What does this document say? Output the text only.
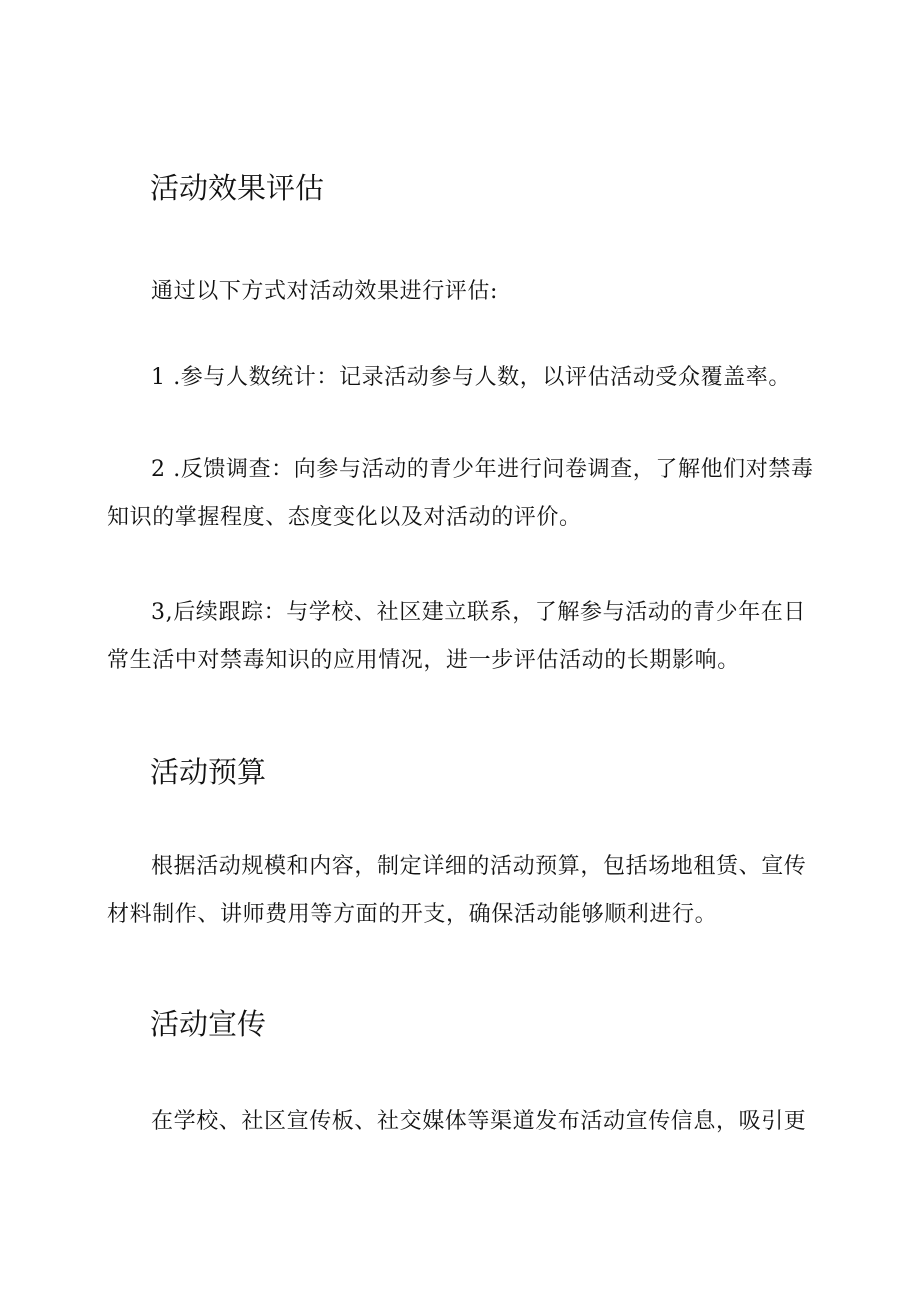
活动效果评估

通过以下方式对活动效果进行评估:

1 .参与人数统计：记录活动参与人数，以评估活动受众覆盖率。

2 .反馈调查：向参与活动的青少年进行问卷调查，了解他们对禁毒知识的掌握程度、态度变化以及对活动的评价。

3,后续跟踪：与学校、社区建立联系，了解参与活动的青少年在日常生活中对禁毒知识的应用情况，进一步评估活动的长期影响。

活动预算

根据活动规模和内容，制定详细的活动预算，包括场地租赁、宣传材料制作、讲师费用等方面的开支，确保活动能够顺利进行。

活动宣传

在学校、社区宣传板、社交媒体等渠道发布活动宣传信息，吸引更
